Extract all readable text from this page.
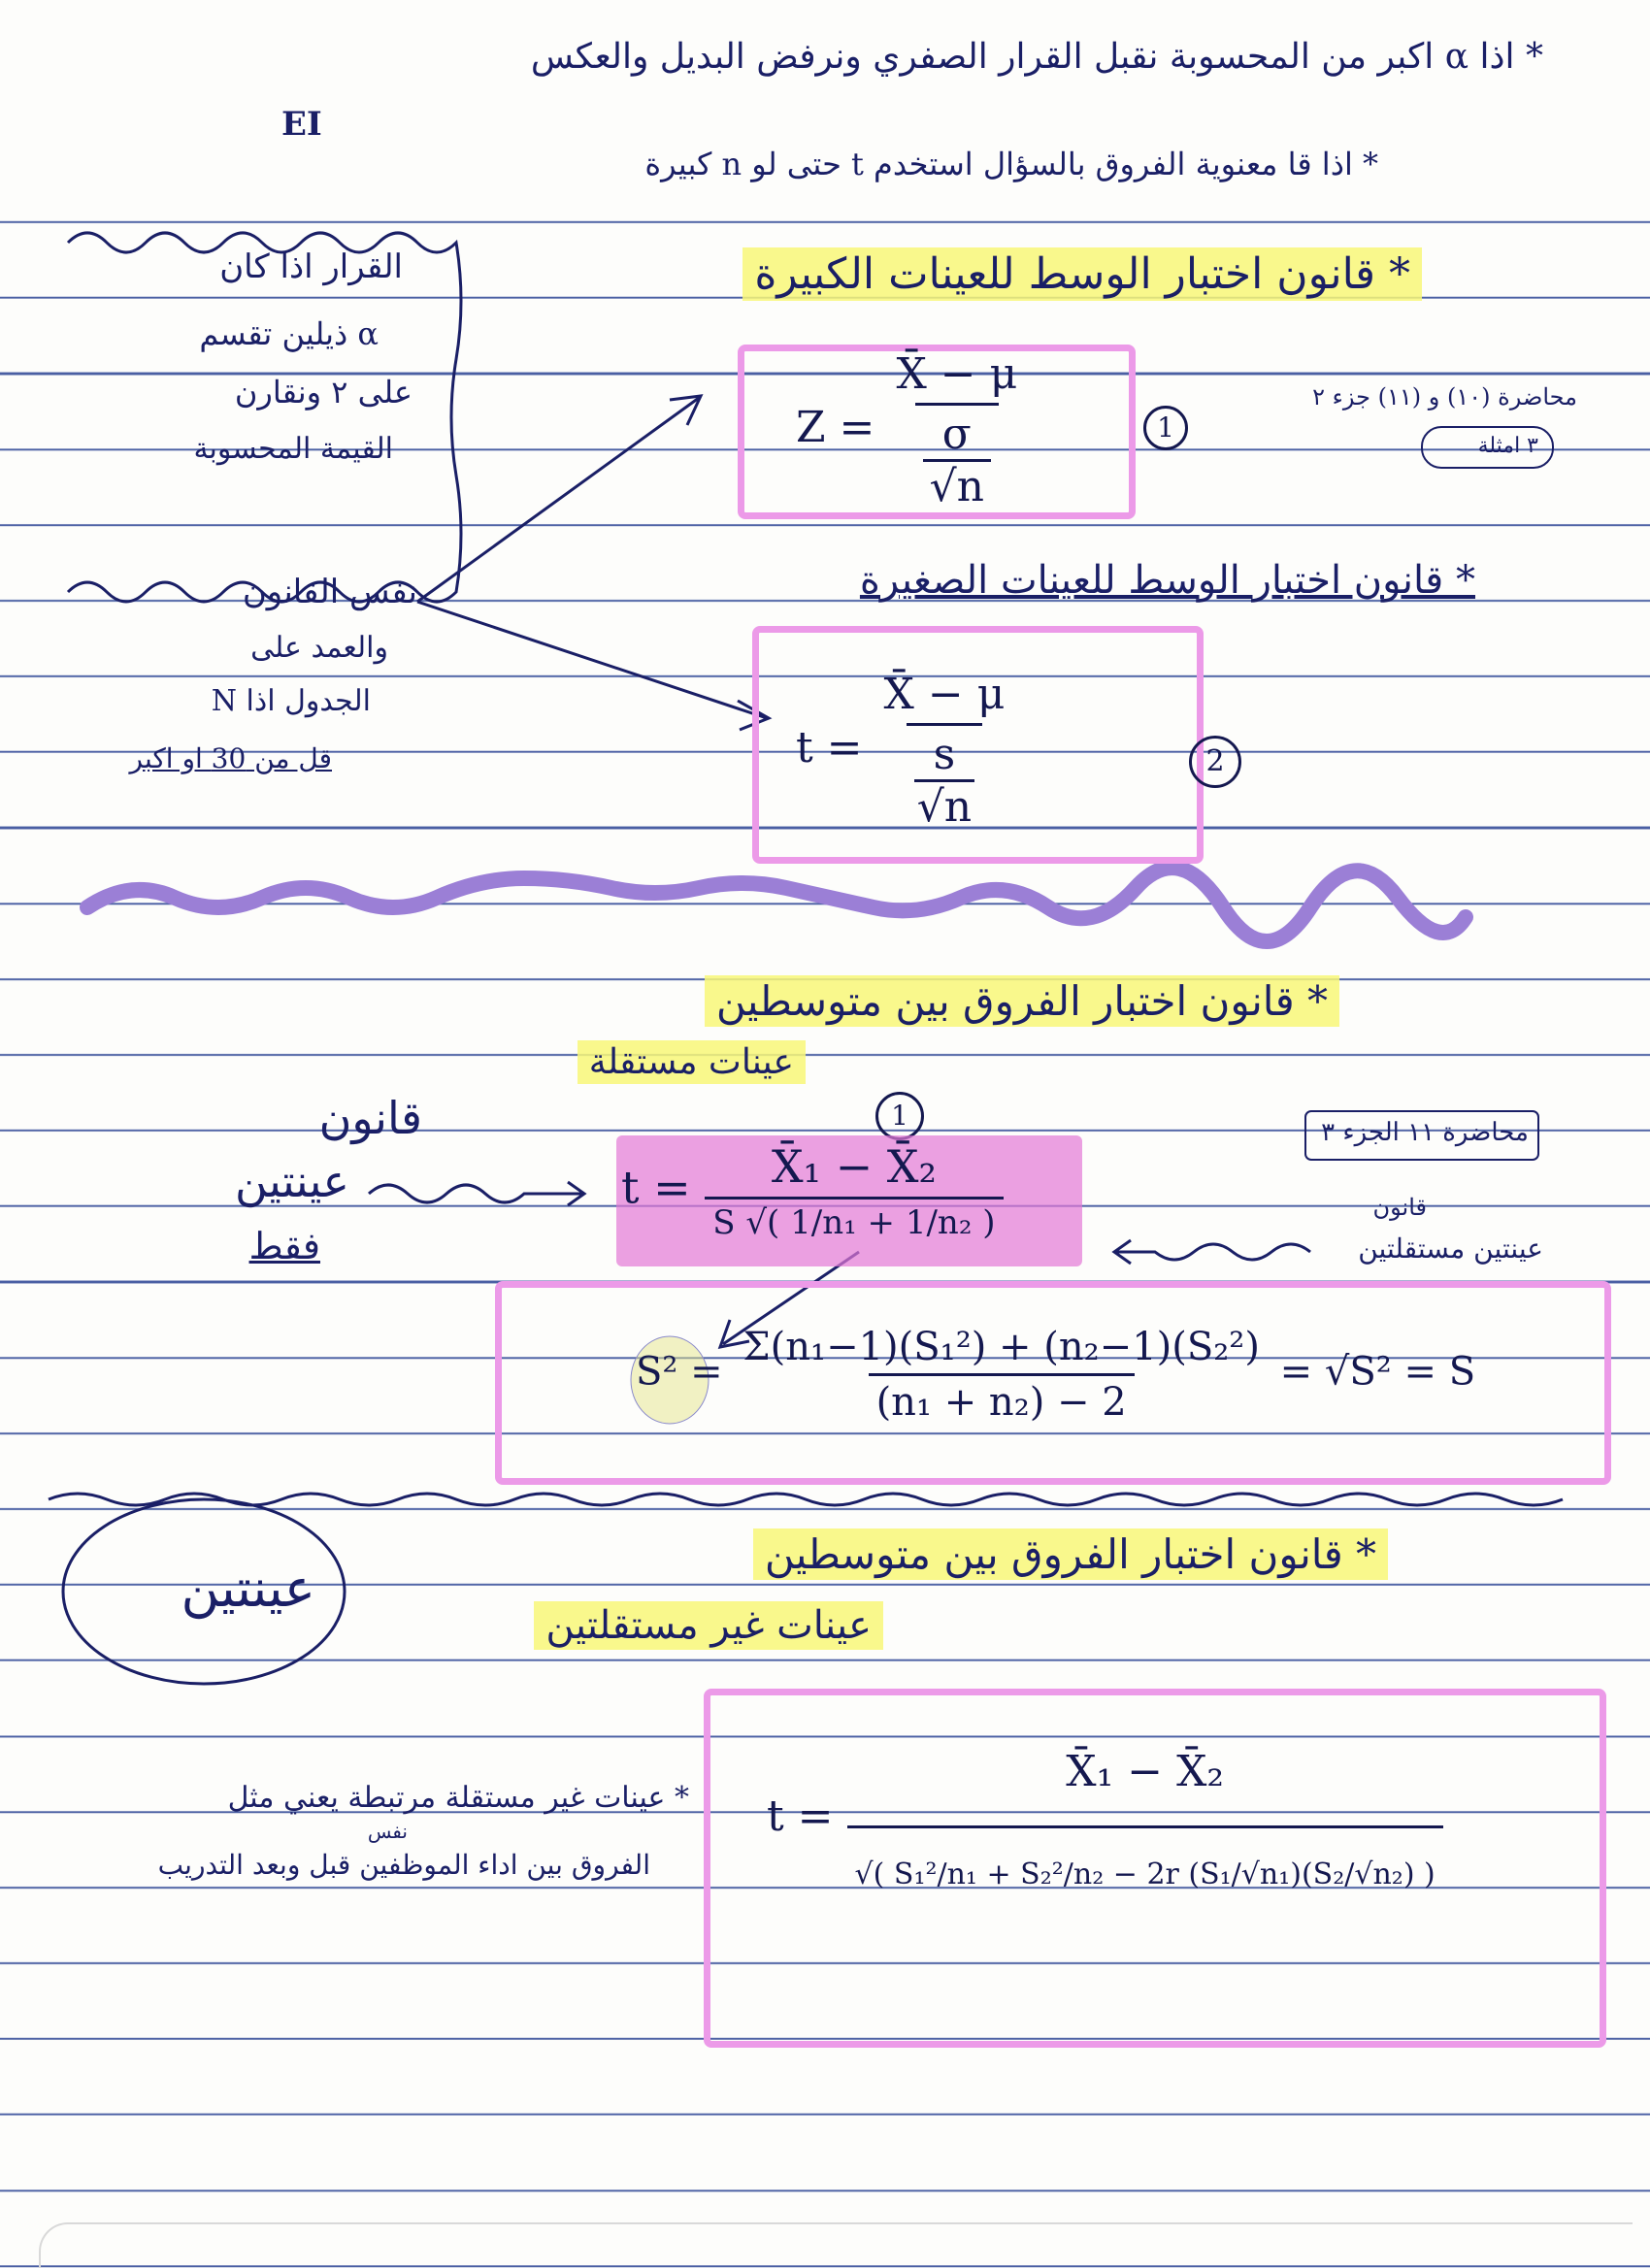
* اذا α اكبر من المحسوبة نقبل القرار الصفري ونرفض البديل والعكس
EI
* اذا قا معنوية الفروق بالسؤال استخدم t حتى لو n كبيرة
القرار اذا كان
α ذيلين تقسم
على ٢ ونقارن
القيمة المحسوبة
* قانون اختبار الوسط للعينات الكبيرة
Z = X̄ − μ
σ
√n	1
محاضرة (١٠) و (١١) جزء ٢
٣ امثلة
* قانون اختبار الوسط للعينات الصغيرة
t = X̄ − μ
s
√n	2
نفس القانون
والعمد على
الجدول اذا N
قل من 30 او اكبر
* قانون اختبار الفروق بين متوسطين
عينات مستقلة
1
$t = \frac{\text{X̄₁ − X̄₂}}{\text{S √( 1/n₁ + 1/n₂ )}}$
قانون
عينتين
فقط
محاضرة ١١ الجزء ٣
قانون
عينتين مستقلتين
$S^2 = \frac{\text{Σ(n₁−1)(S₁²) + (n₂−1)(S₂²)}}{\text{(n₁ + n₂) − 2}} = √S^2 = S$
* قانون اختبار الفروق بين متوسطين
عينات غير مستقلتين
عينتين
$t = \frac{\text{X̄₁ − X̄₂}}{\text{√( S₁²/n₁ + S₂²/n₂ − 2r (S₁/√n₁)(S₂/√n₂) )}}$
نفس
* عينات غير مستقلة مرتبطة يعني مثل
الفروق بين اداء الموظفين قبل وبعد التدريب
